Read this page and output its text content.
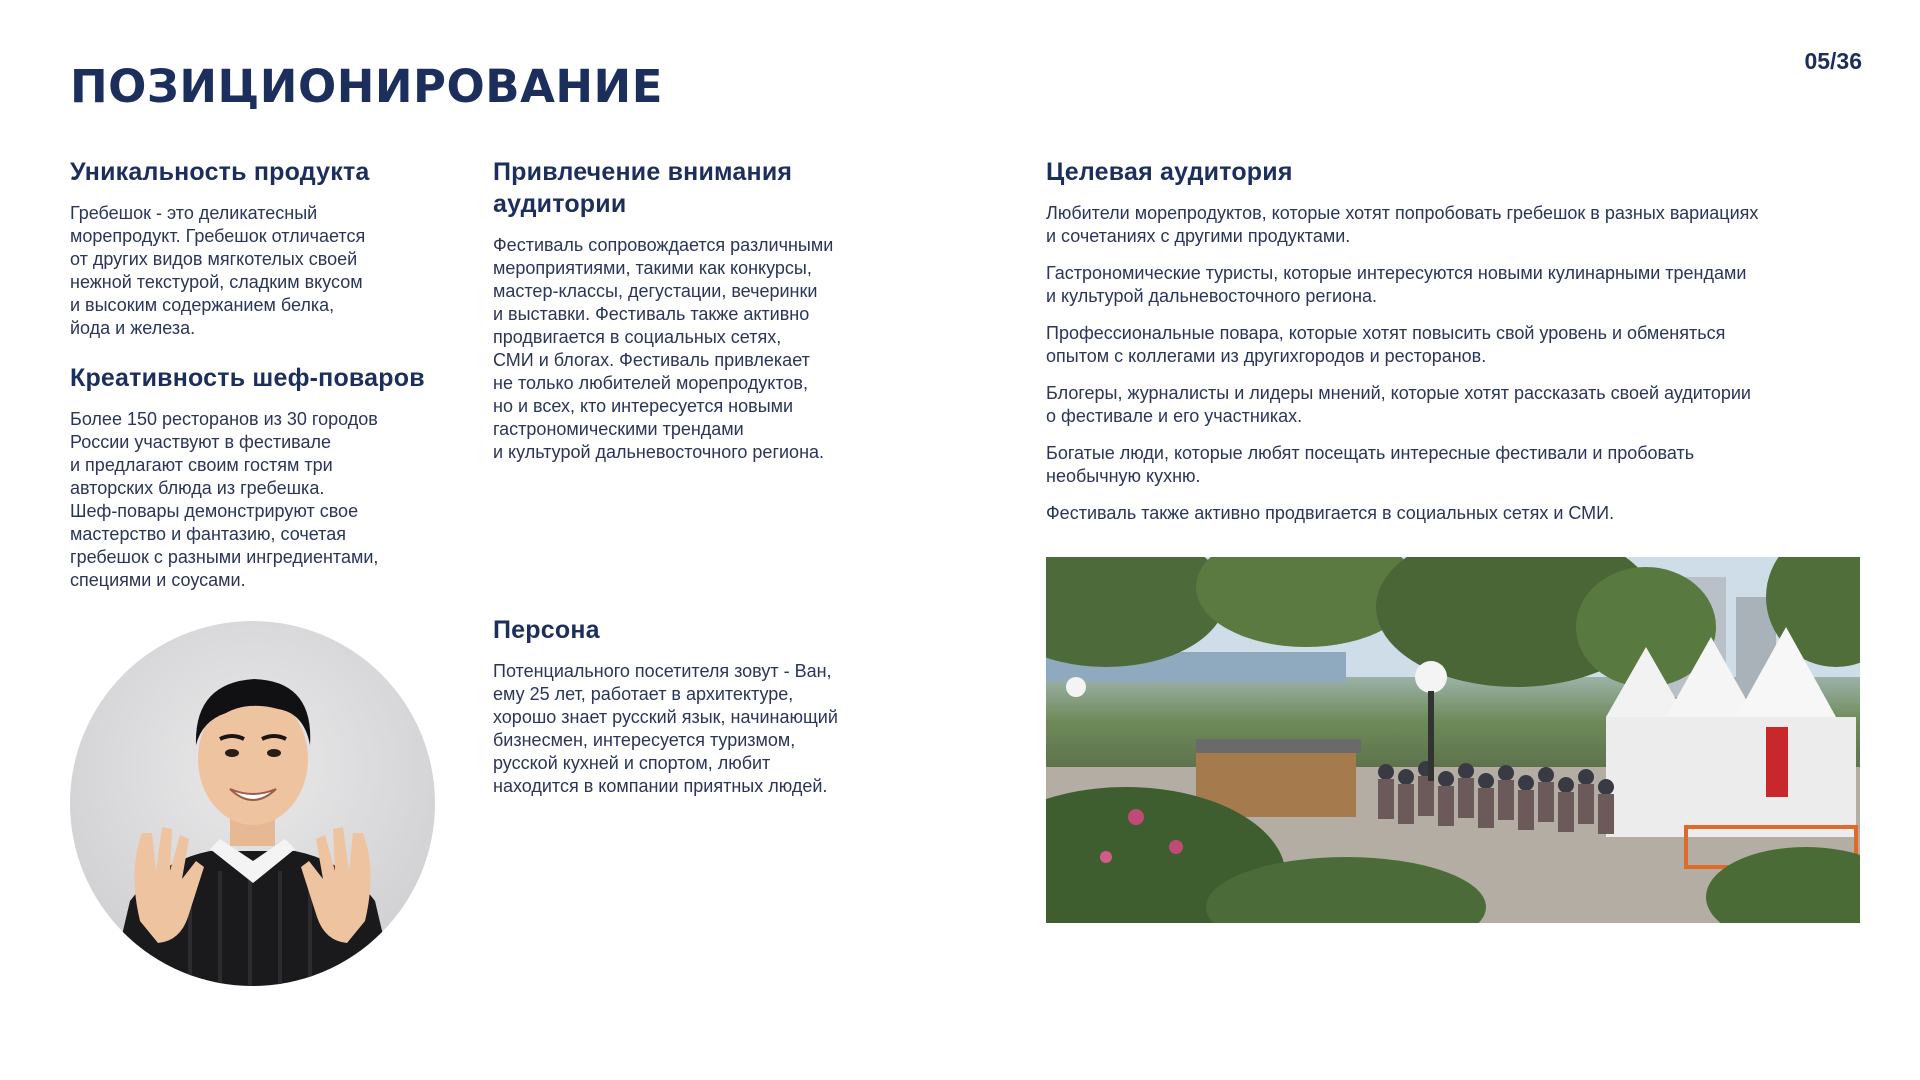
ПОЗИЦИОНИРОВАНИЕ	05/36
Уникальность продукта

Гребешок - это деликатесный
морепродукт. Гребешок отличается
от других видов мягкотелых своей
нежной текстурой, сладким вкусом
и высоким содержанием белка,
йода и железа.

Креативность шеф-поваров

Более 150 ресторанов из 30 городов
России участвуют в фестивале
и предлагают своим гостям три
авторских блюда из гребешка.
Шеф-повары демонстрируют свое
мастерство и фантазию, сочетая
гребешок с разными ингредиентами,
специями и соусами.

Привлечение внимания
аудитории

Фестиваль сопровождается различными
мероприятиями, такими как конкурсы,
мастер-классы, дегустации, вечеринки
и выставки. Фестиваль также активно
продвигается в социальных сетях,
СМИ и блогах. Фестиваль привлекает
не только любителей морепродуктов,
но и всех, кто интересуется новыми
гастрономическими трендами
и культурой дальневосточного региона.

Персона

Потенциального посетителя зовут - Ван,
ему 25 лет, работает в архитектуре,
хорошо знает русский язык, начинающий
бизнесмен, интересуется туризмом,
русской кухней и спортом, любит
находится в компании приятных людей.

Целевая аудитория
Любители морепродуктов, которые хотят попробовать гребешок в разных вариациях
и сочетаниях с другими продуктами.
Гастрономические туристы, которые интересуются новыми кулинарными трендами
и культурой дальневосточного региона.
Профессиональные повара, которые хотят повысить свой уровень и обменяться
опытом с коллегами из другихгородов и ресторанов.
Блогеры, журналисты и лидеры мнений, которые хотят рассказать своей аудитории
о фестивале и его участниках.
Богатые люди, которые любят посещать интересные фестивали и пробовать
необычную кухню.
Фестиваль также активно продвигается в социальных сетях и СМИ.
